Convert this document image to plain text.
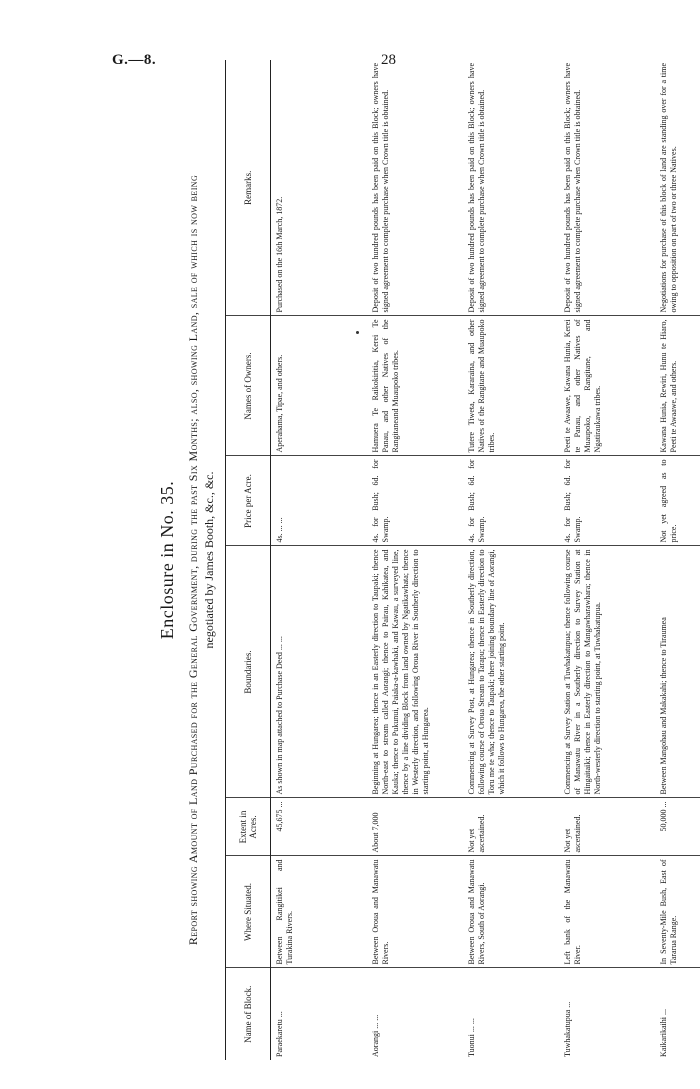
G.—8.	28
Enclosure in No. 35. Report showing Amount of Land Purchased for the General Government, during the past Six Months; also, showing Land, sale of which is now being negotiated by James Booth, &c., &c.
Name of Block.	Where Situated.	Extent in Acres.	Boundaries.	Price per Acre.	Names of Owners.	Remarks.
Paraekaretu ...	Between Rangitikei and Turakina Rivers.	45,675 ...	As shown in map attached to Purchase Deed ... ...	4s. ... ...	Aperahama, Tipae, and others.	Purchased on the 16th March, 1872.
Aorangi ... ...	Between Oroua and Manawatu Rivers.	About 7,000	Beginning at Hungarea; thence in an Easterly direction to Taupaki; thence North-east to stream called Aorangi; thence to Pairau, Kahikatea, and Kauka; thence to Pukunui, Paiaka-a-kawhaki, and Kawau, a surveyed line, thence by a line dividing Block from land owned by Ngatikawhata; thence in Westerly direction, and following Oroua River in Southerly direction to starting point, at Hungarea.	4s. for Bush; 6d. for Swamp.	Hamuera Te Raikokiritia, Kerei Te Panau, and other Natives of the Rangitaneand Muaupoko tribes.	Deposit of two hundred pounds has been paid on this Block; owners have signed agreement to complete purchase when Crown title is obtained.
Tuonui ... ...	Between Oroua and Manawatu Rivers, South of Aorangi.	Not yet ascertained.	Commencing at Survey Post, at Hungarea; thence in Southerly direction, following course of Oroua Stream to Tarapu; thence in Easterly direction to Toru me te wha; thence to Taupaki; there joining boundary line of Aorangi, which it follows to Hungarea, the other starting point.	4s. for Bush; 6d. for Swamp.	Tutere Tiweta, Kararaina, and other Natives of the Rangitane and Muaupoko tribes.	Deposit of two hundred pounds has been paid on this Block; owners have signed agreement to complete purchase when Crown title is obtained.
Tuwhakatupua ...	Left bank of the Manawatu River.	Not yet ascertained.	Commencing at Survey Station at Tuwhakatupua; thence following course of Manawatu River in a Southerly direction to Survey Station at Hingaitaiki; thence in Easterly direction to Mangawharawhara; thence in North-westerly direction to starting point, at Tuwhakatupua.	4s. for Bush; 6d. for Swamp.	Peeti te Awaawe, Kawana Hunia, Kerei te Panau, and other Natives of Muaupoko, Rangitane, and Ngatiraukawa tribes.	Deposit of two hundred pounds has been paid on this Block; owners have signed agreement to complete purchase when Crown title is obtained.
Kaikarikaihi ...	In Seventy-Mile Bush, East of Tararua Range.	50,000 ...	Between Mangohau and Makakahi; thence to Tiraumea	Not yet agreed as to price.	Kawana Hunia, Rewiri, Hunu te Hiaro, Peeti te Awaawe, and others.	Negotiations for purchase of this block of land are standing over for a time owing to opposition on part of two or three Natives.
